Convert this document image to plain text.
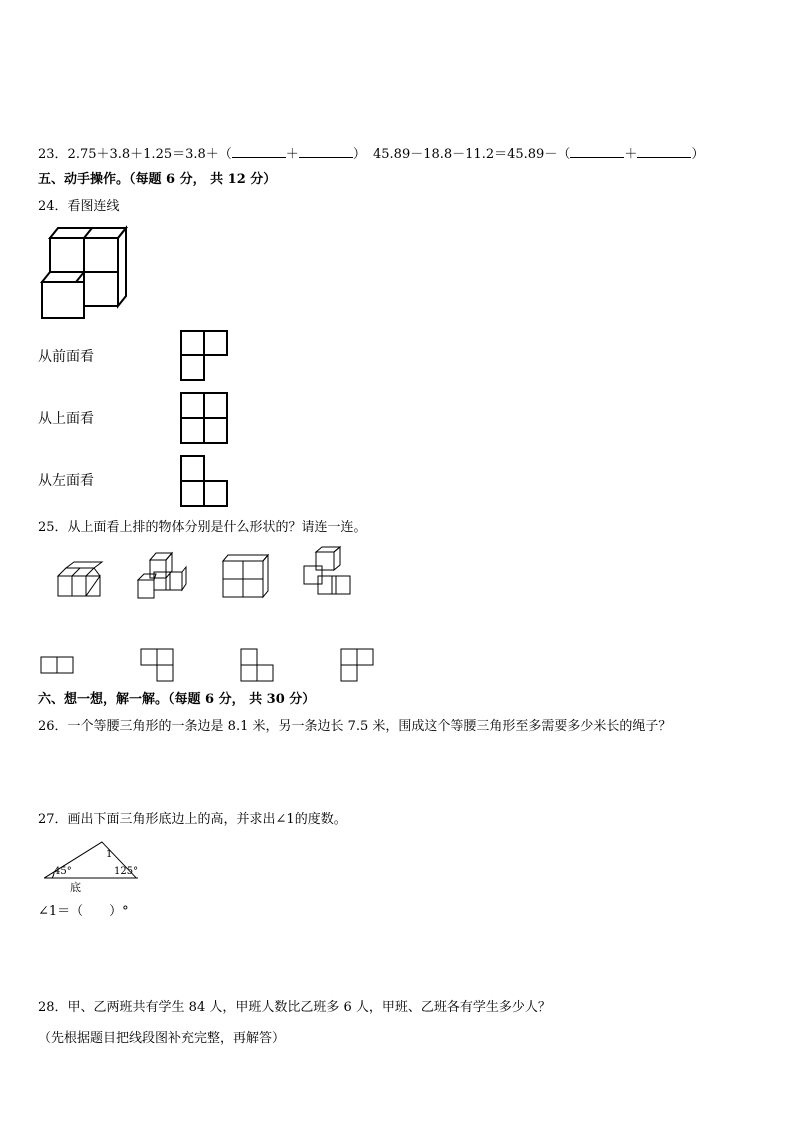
23．2.75＋3.8＋1.25＝3.8＋（	＋	） 45.89－18.8－11.2＝45.89－（	＋	）
五、动手操作。（每题 6 分， 共 12 分）
24．看图连线
从前面看
从上面看
从左面看
25．从上面看上排的物体分别是什么形状的？请连一连。
六、想一想，解一解。（每题 6 分， 共 30 分）
26．一个等腰三角形的一条边是 8.1 米，另一条边长 7.5 米，围成这个等腰三角形至多需要多少米长的绳子？
27．画出下面三角形底边上的高，并求出∠1的度数。
45°
1
125°
底
∠1＝（　　）°
28．甲、乙两班共有学生 84 人，甲班人数比乙班多 6 人，甲班、乙班各有学生多少人？
（先根据题目把线段图补充完整，再解答）
